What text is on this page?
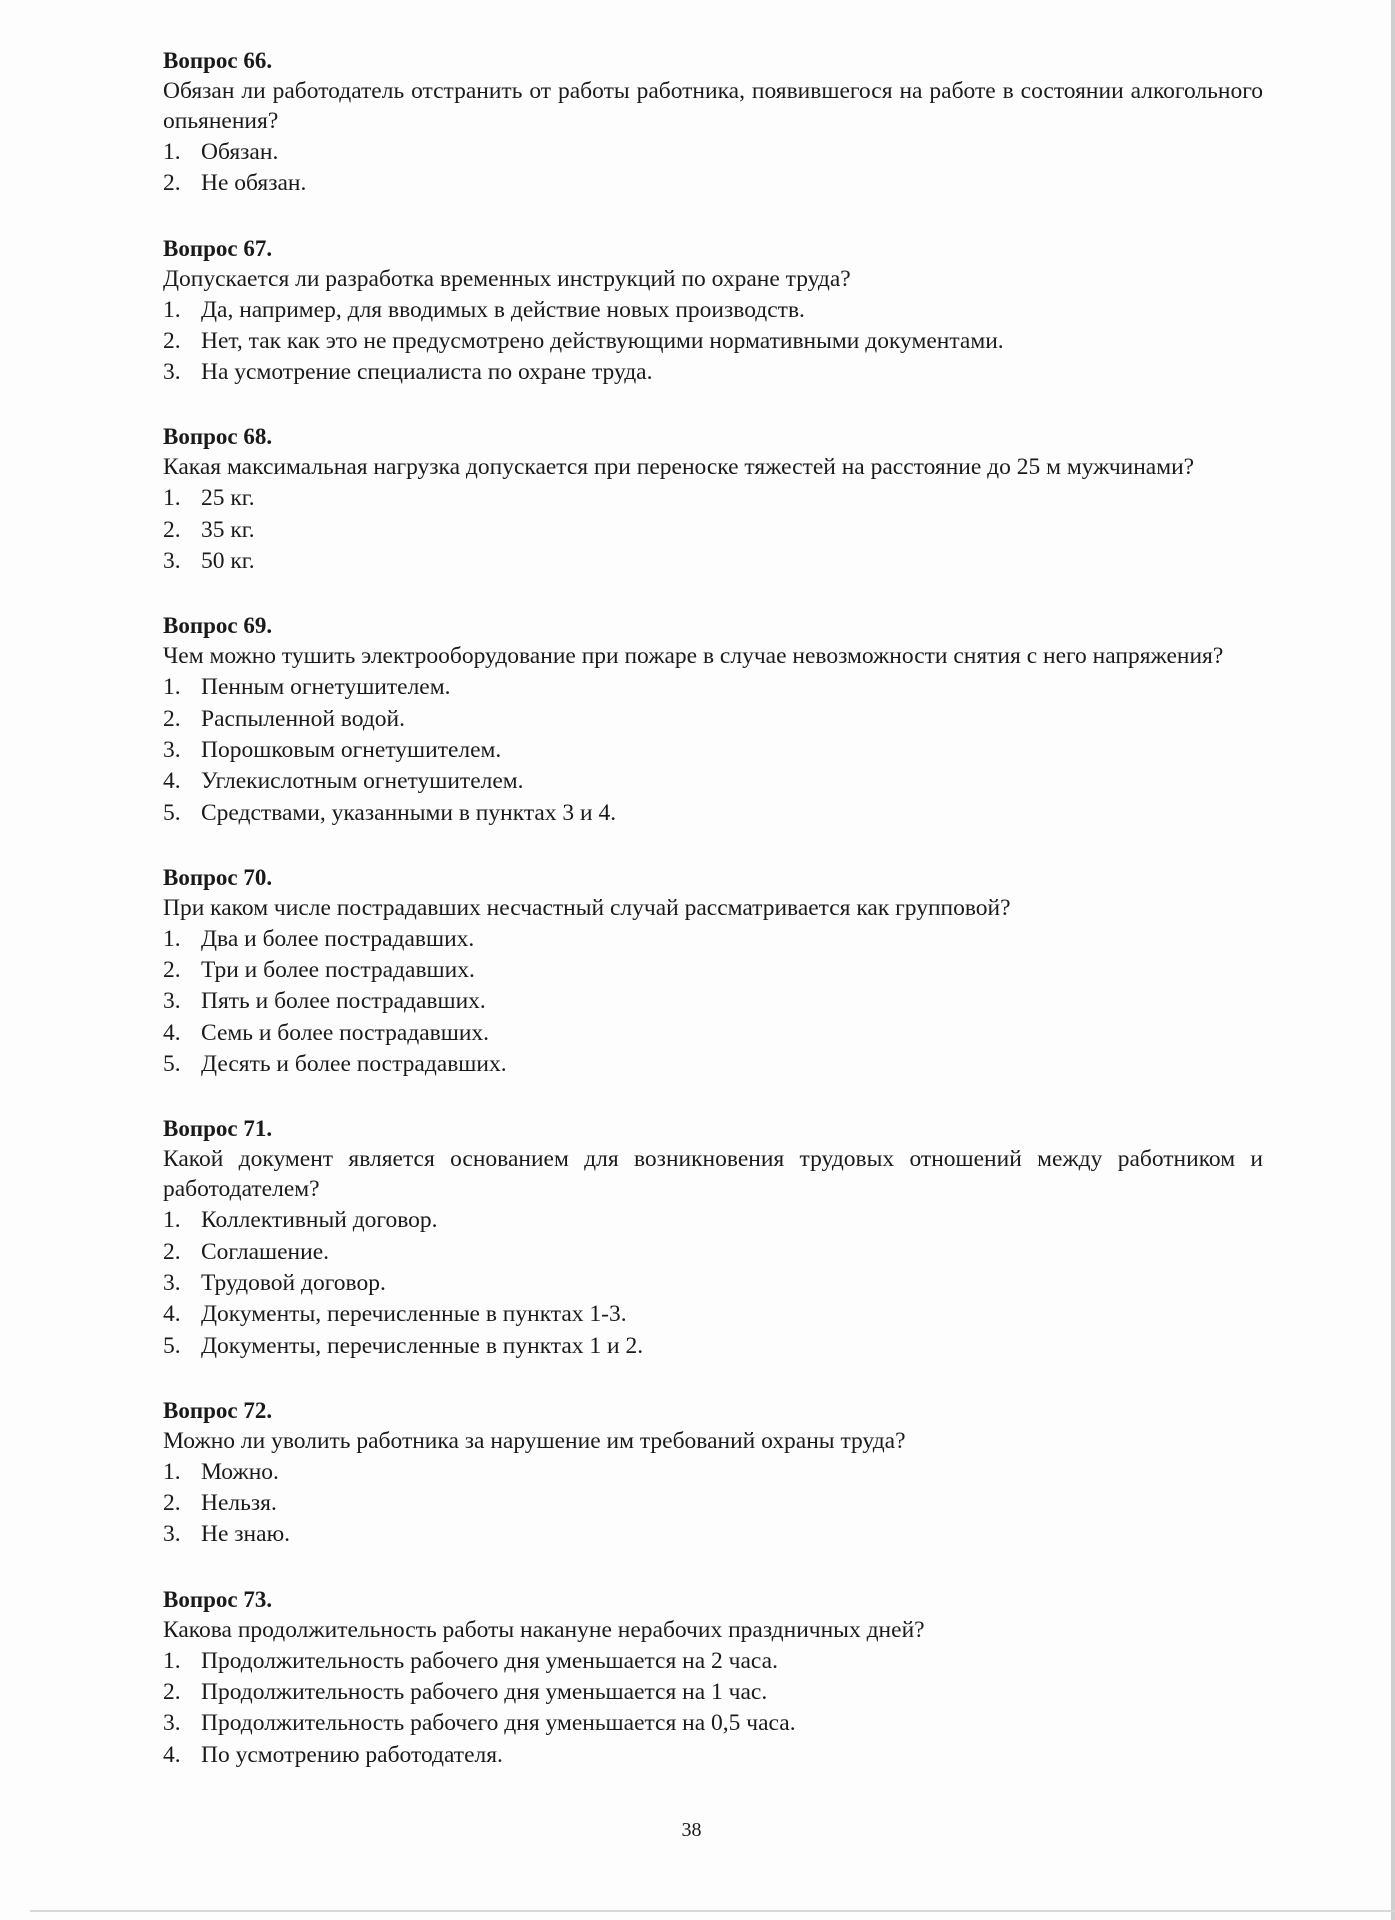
Вопрос 66.

Обязан ли работодатель отстранить от работы работника, появившегося на работе в состоянии алкогольного опьянения?

1. Обязан.
2. Не обязан.

Вопрос 67.

Допускается ли разработка временных инструкций по охране труда?

1. Да, например, для вводимых в действие новых производств.
2. Нет, так как это не предусмотрено действующими нормативными документами.
3. На усмотрение специалиста по охране труда.

Вопрос 68.

Какая максимальная нагрузка допускается при переноске тяжестей на расстояние до 25 м мужчинами?

1. 25 кг.
2. 35 кг.
3. 50 кг.

Вопрос 69.

Чем можно тушить электрооборудование при пожаре в случае невозможности снятия с него напряжения?

1. Пенным огнетушителем.
2. Распыленной водой.
3. Порошковым огнетушителем.
4. Углекислотным огнетушителем.
5. Средствами, указанными в пунктах 3 и 4.

Вопрос 70.

При каком числе пострадавших несчастный случай рассматривается как групповой?

1. Два и более пострадавших.
2. Три и более пострадавших.
3. Пять и более пострадавших.
4. Семь и более пострадавших.
5. Десять и более пострадавших.

Вопрос 71.

Какой документ является основанием для возникновения трудовых отношений между работником и работодателем?

1. Коллективный договор.
2. Соглашение.
3. Трудовой договор.
4. Документы, перечисленные в пунктах 1-3.
5. Документы, перечисленные в пунктах 1 и 2.

Вопрос 72.

Можно ли уволить работника за нарушение им требований охраны труда?

1. Можно.
2. Нельзя.
3. Не знаю.

Вопрос 73.

Какова продолжительность работы накануне нерабочих праздничных дней?

1. Продолжительность рабочего дня уменьшается на 2 часа.
2. Продолжительность рабочего дня уменьшается на 1 час.
3. Продолжительность рабочего дня уменьшается на 0,5 часа.
4. По усмотрению работодателя.
38
